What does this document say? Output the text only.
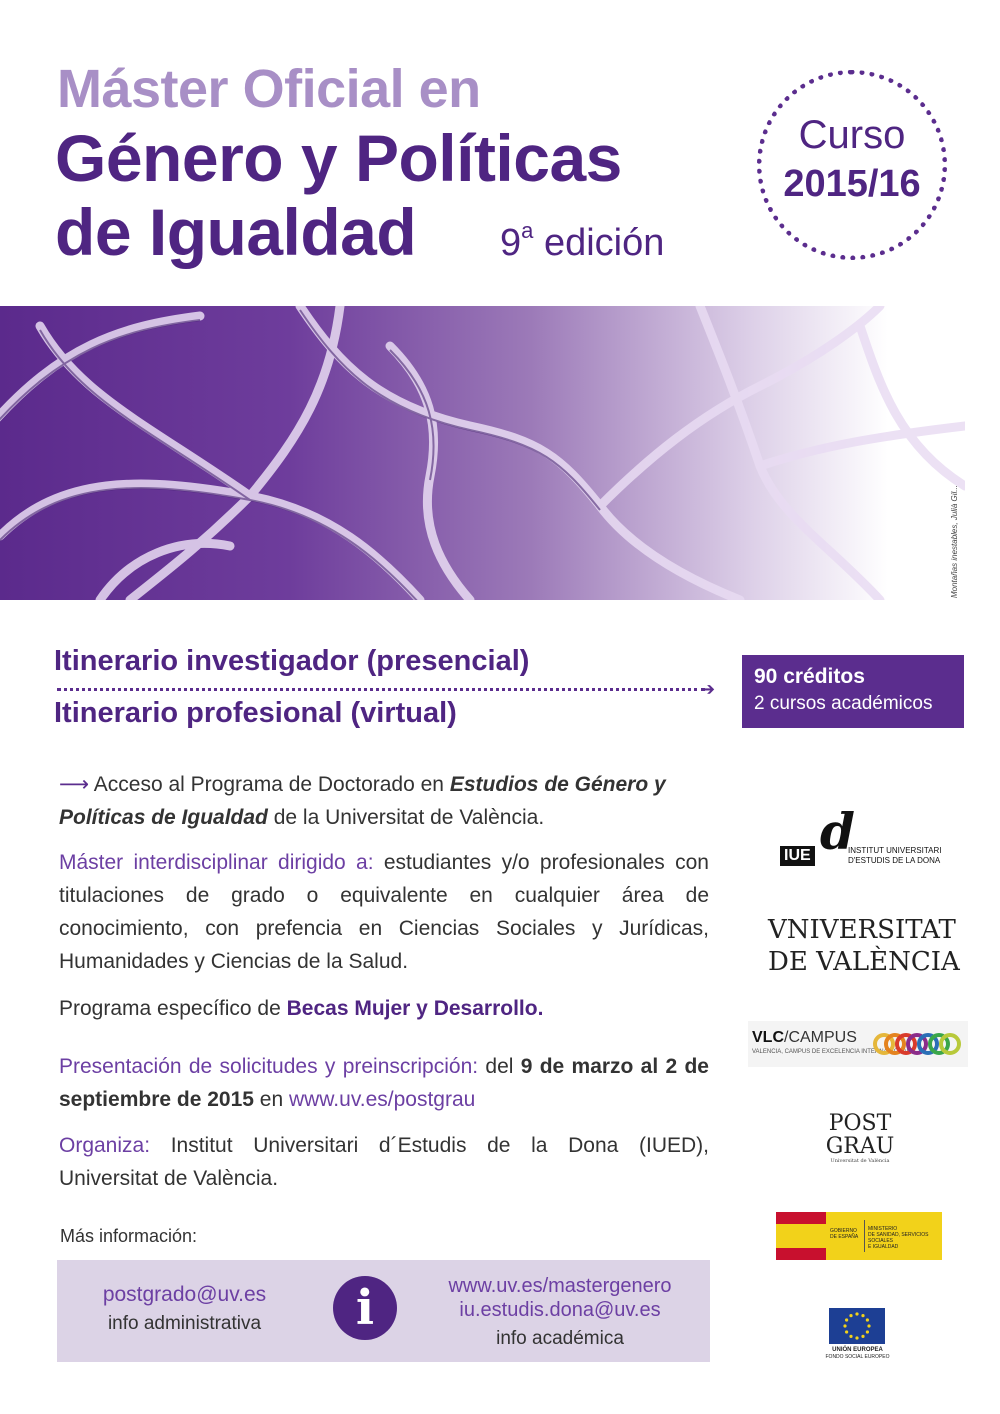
Máster Oficial en
Género y Políticas
de Igualdad 9$^a$ edición
Curso
2015/16
Montañas inestables, Julià Gil...
Itinerario investigador (presencial)
➔
Itinerario profesional (virtual)
90 créditos
2 cursos académicos
⟶ Acceso al Programa de Doctorado en Estudios de Género y Políticas de Igualdad de la Universitat de València.
Máster interdisciplinar dirigido a: estudiantes y/o profesionales con titulaciones de grado o equivalente en cualquier área de conocimiento, con prefencia en Ciencias Sociales y Jurídicas, Humanidades y Ciencias de la Salud.
Programa específico de Becas Mujer y Desarrollo.
Presentación de solicitudes y preinscripción: del 9 de marzo al 2 de septiembre de 2015 en www.uv.es/postgrau
Organiza: Institut Universitari d´Estudis de la Dona (IUED), Universitat de València.
Más información:
postgrado@uv.es
info administrativa	i	www.uv.es/mastergenero
iu.estudis.dona@uv.es
info académica
d
IUE	INSTITUT UNIVERSITARI
D'ESTUDIS DE LA DONA
VNIVERSITAT
DE VALÈNCIA
VLC/CAMPUS
VALENCIA, CAMPUS DE EXCELENCIA INTERNACIONAL
POST
GRAU
Universitat de València
GOBIERNO
DE ESPAÑA
MINISTERIO
DE SANIDAD, SERVICIOS SOCIALES
E IGUALDAD
UNIÓN EUROPEA
FONDO SOCIAL EUROPEO
